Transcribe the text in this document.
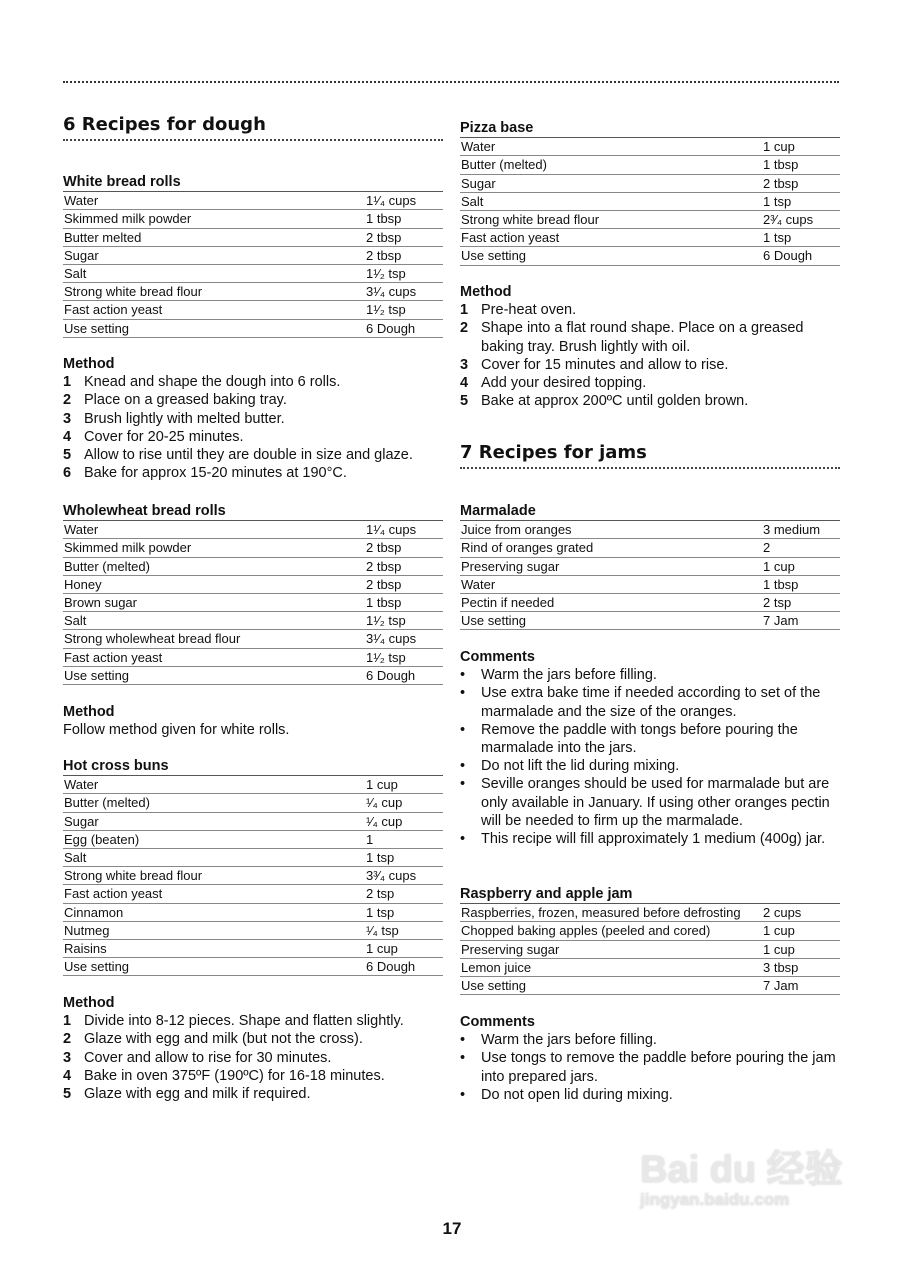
6 Recipes for dough
White bread rolls
Water	1¹⁄₄ cups
Skimmed milk powder	1 tbsp
Butter melted	2 tbsp
Sugar	2 tbsp
Salt	1¹⁄₂ tsp
Strong white bread flour	3¹⁄₄ cups
Fast action yeast	1¹⁄₂ tsp
Use setting	6 Dough
Method
1 Knead and shape the dough into 6 rolls.
2 Place on a greased baking tray.
3 Brush lightly with melted butter.
4 Cover for 20-25 minutes.
5 Allow to rise until they are double in size and glaze.
6 Bake for approx 15-20 minutes at 190°C.
Wholewheat bread rolls
Water	1¹⁄₄ cups
Skimmed milk powder	2 tbsp
Butter (melted)	2 tbsp
Honey	2 tbsp
Brown sugar	1 tbsp
Salt	1¹⁄₂ tsp
Strong wholewheat bread flour	3¹⁄₄ cups
Fast action yeast	1¹⁄₂ tsp
Use setting	6 Dough
Method
Follow method given for white rolls.
Hot cross buns
Water	1 cup
Butter (melted)	¹⁄₄ cup
Sugar	¹⁄₄ cup
Egg (beaten)	1
Salt	1 tsp
Strong white bread flour	3³⁄₄ cups
Fast action yeast	2 tsp
Cinnamon	1 tsp
Nutmeg	¹⁄₄ tsp
Raisins	1 cup
Use setting	6 Dough
Method
1 Divide into 8-12 pieces. Shape and flatten slightly.
2 Glaze with egg and milk (but not the cross).
3 Cover and allow to rise for 30 minutes.
4 Bake in oven 375ºF (190ºC) for 16-18 minutes.
5 Glaze with egg and milk if required.
Pizza base
Water	1 cup
Butter (melted)	1 tbsp
Sugar	2 tbsp
Salt	1 tsp
Strong white bread flour	2³⁄₄ cups
Fast action yeast	1 tsp
Use setting	6 Dough
Method
1 Pre-heat oven.
2 Shape into a flat round shape. Place on a greased baking tray. Brush lightly with oil.
3 Cover for 15 minutes and allow to rise.
4 Add your desired topping.
5 Bake at approx 200ºC until golden brown.
7 Recipes for jams
Marmalade
Juice from oranges	3 medium
Rind of oranges grated	2
Preserving sugar	1 cup
Water	1 tbsp
Pectin if needed	2 tsp
Use setting	7 Jam
Comments
•	Warm the jars before filling.
•	Use extra bake time if needed according to set of the marmalade and the size of the oranges.
•	Remove the paddle with tongs before pouring the marmalade into the jars.
•	Do not lift the lid during mixing.
•	Seville oranges should be used for marmalade but are only available in January. If using other oranges pectin will be needed to firm up the marmalade.
•	This recipe will fill approximately 1 medium (400g) jar.
Raspberry and apple jam
Raspberries, frozen, measured before defrosting	2 cups
Chopped baking apples (peeled and cored)	1 cup
Preserving sugar	1 cup
Lemon juice	3 tbsp
Use setting	7 Jam
Comments
•	Warm the jars before filling.
•	Use tongs to remove the paddle before pouring the jam into prepared jars.
•	Do not open lid during mixing.
Bai du 经验
jingyan.baidu.com
17
